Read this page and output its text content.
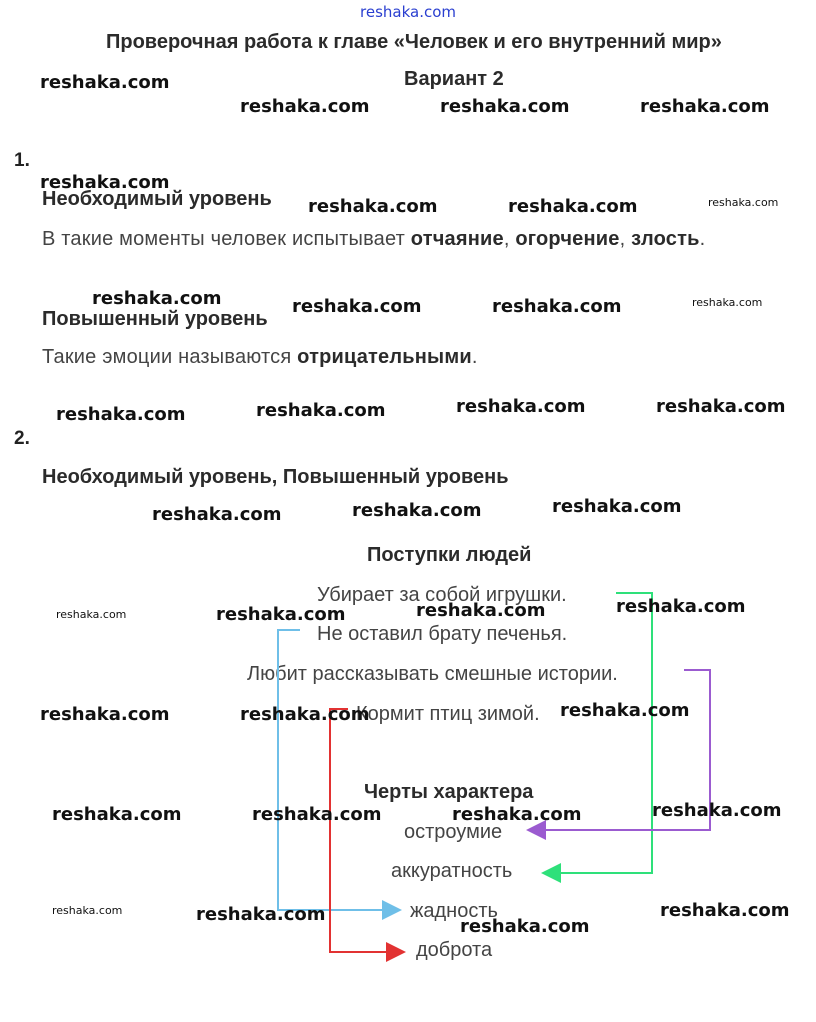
reshaka.com
Проверочная работа к главе «Человек и его внутренний мир»
Вариант 2
1.
Необходимый уровень
В такие моменты человек испытывает отчаяние, огорчение, злость.
Повышенный уровень
Такие эмоции называются отрицательными.
2.
Необходимый уровень, Повышенный уровень
Поступки людей
Убирает за собой игрушки.
Не оставил брату печенья.
Любит рассказывать смешные истории.
Кормит птиц зимой.
Черты характера
остроумие
аккуратность
жадность
доброта
reshaka.com
reshaka.com	reshaka.com	reshaka.com
reshaka.com
reshaka.com	reshaka.com	reshaka.com
reshaka.com	reshaka.com	reshaka.com	reshaka.com
reshaka.com	reshaka.com	reshaka.com	reshaka.com
reshaka.com	reshaka.com	reshaka.com
reshaka.com	reshaka.com	reshaka.com	reshaka.com
reshaka.com	reshaka.com	reshaka.com
reshaka.com	reshaka.com	reshaka.com	reshaka.com
reshaka.com	reshaka.com
reshaka.com
reshaka.com
